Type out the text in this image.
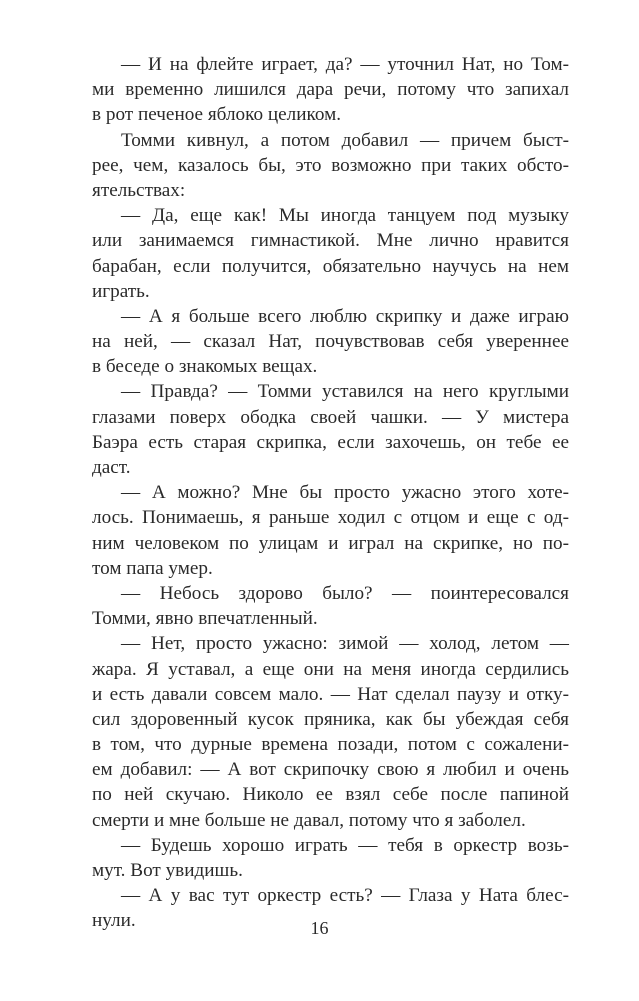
— И на флейте играет, да? — уточнил Нат, но Том-
ми временно лишился дара речи, потому что запихал
в рот печеное яблоко целиком.
Томми кивнул, а потом добавил — причем быст-
рее, чем, казалось бы, это возможно при таких обсто-
ятельствах:
— Да, еще как! Мы иногда танцуем под музыку
или занимаемся гимнастикой. Мне лично нравится
барабан, если получится, обязательно научусь на нем
играть.
— А я больше всего люблю скрипку и даже играю
на ней, — сказал Нат, почувствовав себя увереннее
в беседе о знакомых вещах.
— Правда? — Томми уставился на него круглыми
глазами поверх ободка своей чашки. — У мистера
Баэра есть старая скрипка, если захочешь, он тебе ее
даст.
— А можно? Мне бы просто ужасно этого хоте-
лось. Понимаешь, я раньше ходил с отцом и еще с од-
ним человеком по улицам и играл на скрипке, но по-
том папа умер.
— Небось здорово было? — поинтересовался
Томми, явно впечатленный.
— Нет, просто ужасно: зимой — холод, летом —
жара. Я уставал, а еще они на меня иногда сердились
и есть давали совсем мало. — Нат сделал паузу и отку-
сил здоровенный кусок пряника, как бы убеждая себя
в том, что дурные времена позади, потом с сожалени-
ем добавил: — А вот скрипочку свою я любил и очень
по ней скучаю. Николо ее взял себе после папиной
смерти и мне больше не давал, потому что я заболел.
— Будешь хорошо играть — тебя в оркестр возь-
мут. Вот увидишь.
— А у вас тут оркестр есть? — Глаза у Ната блес-
нули.	16
